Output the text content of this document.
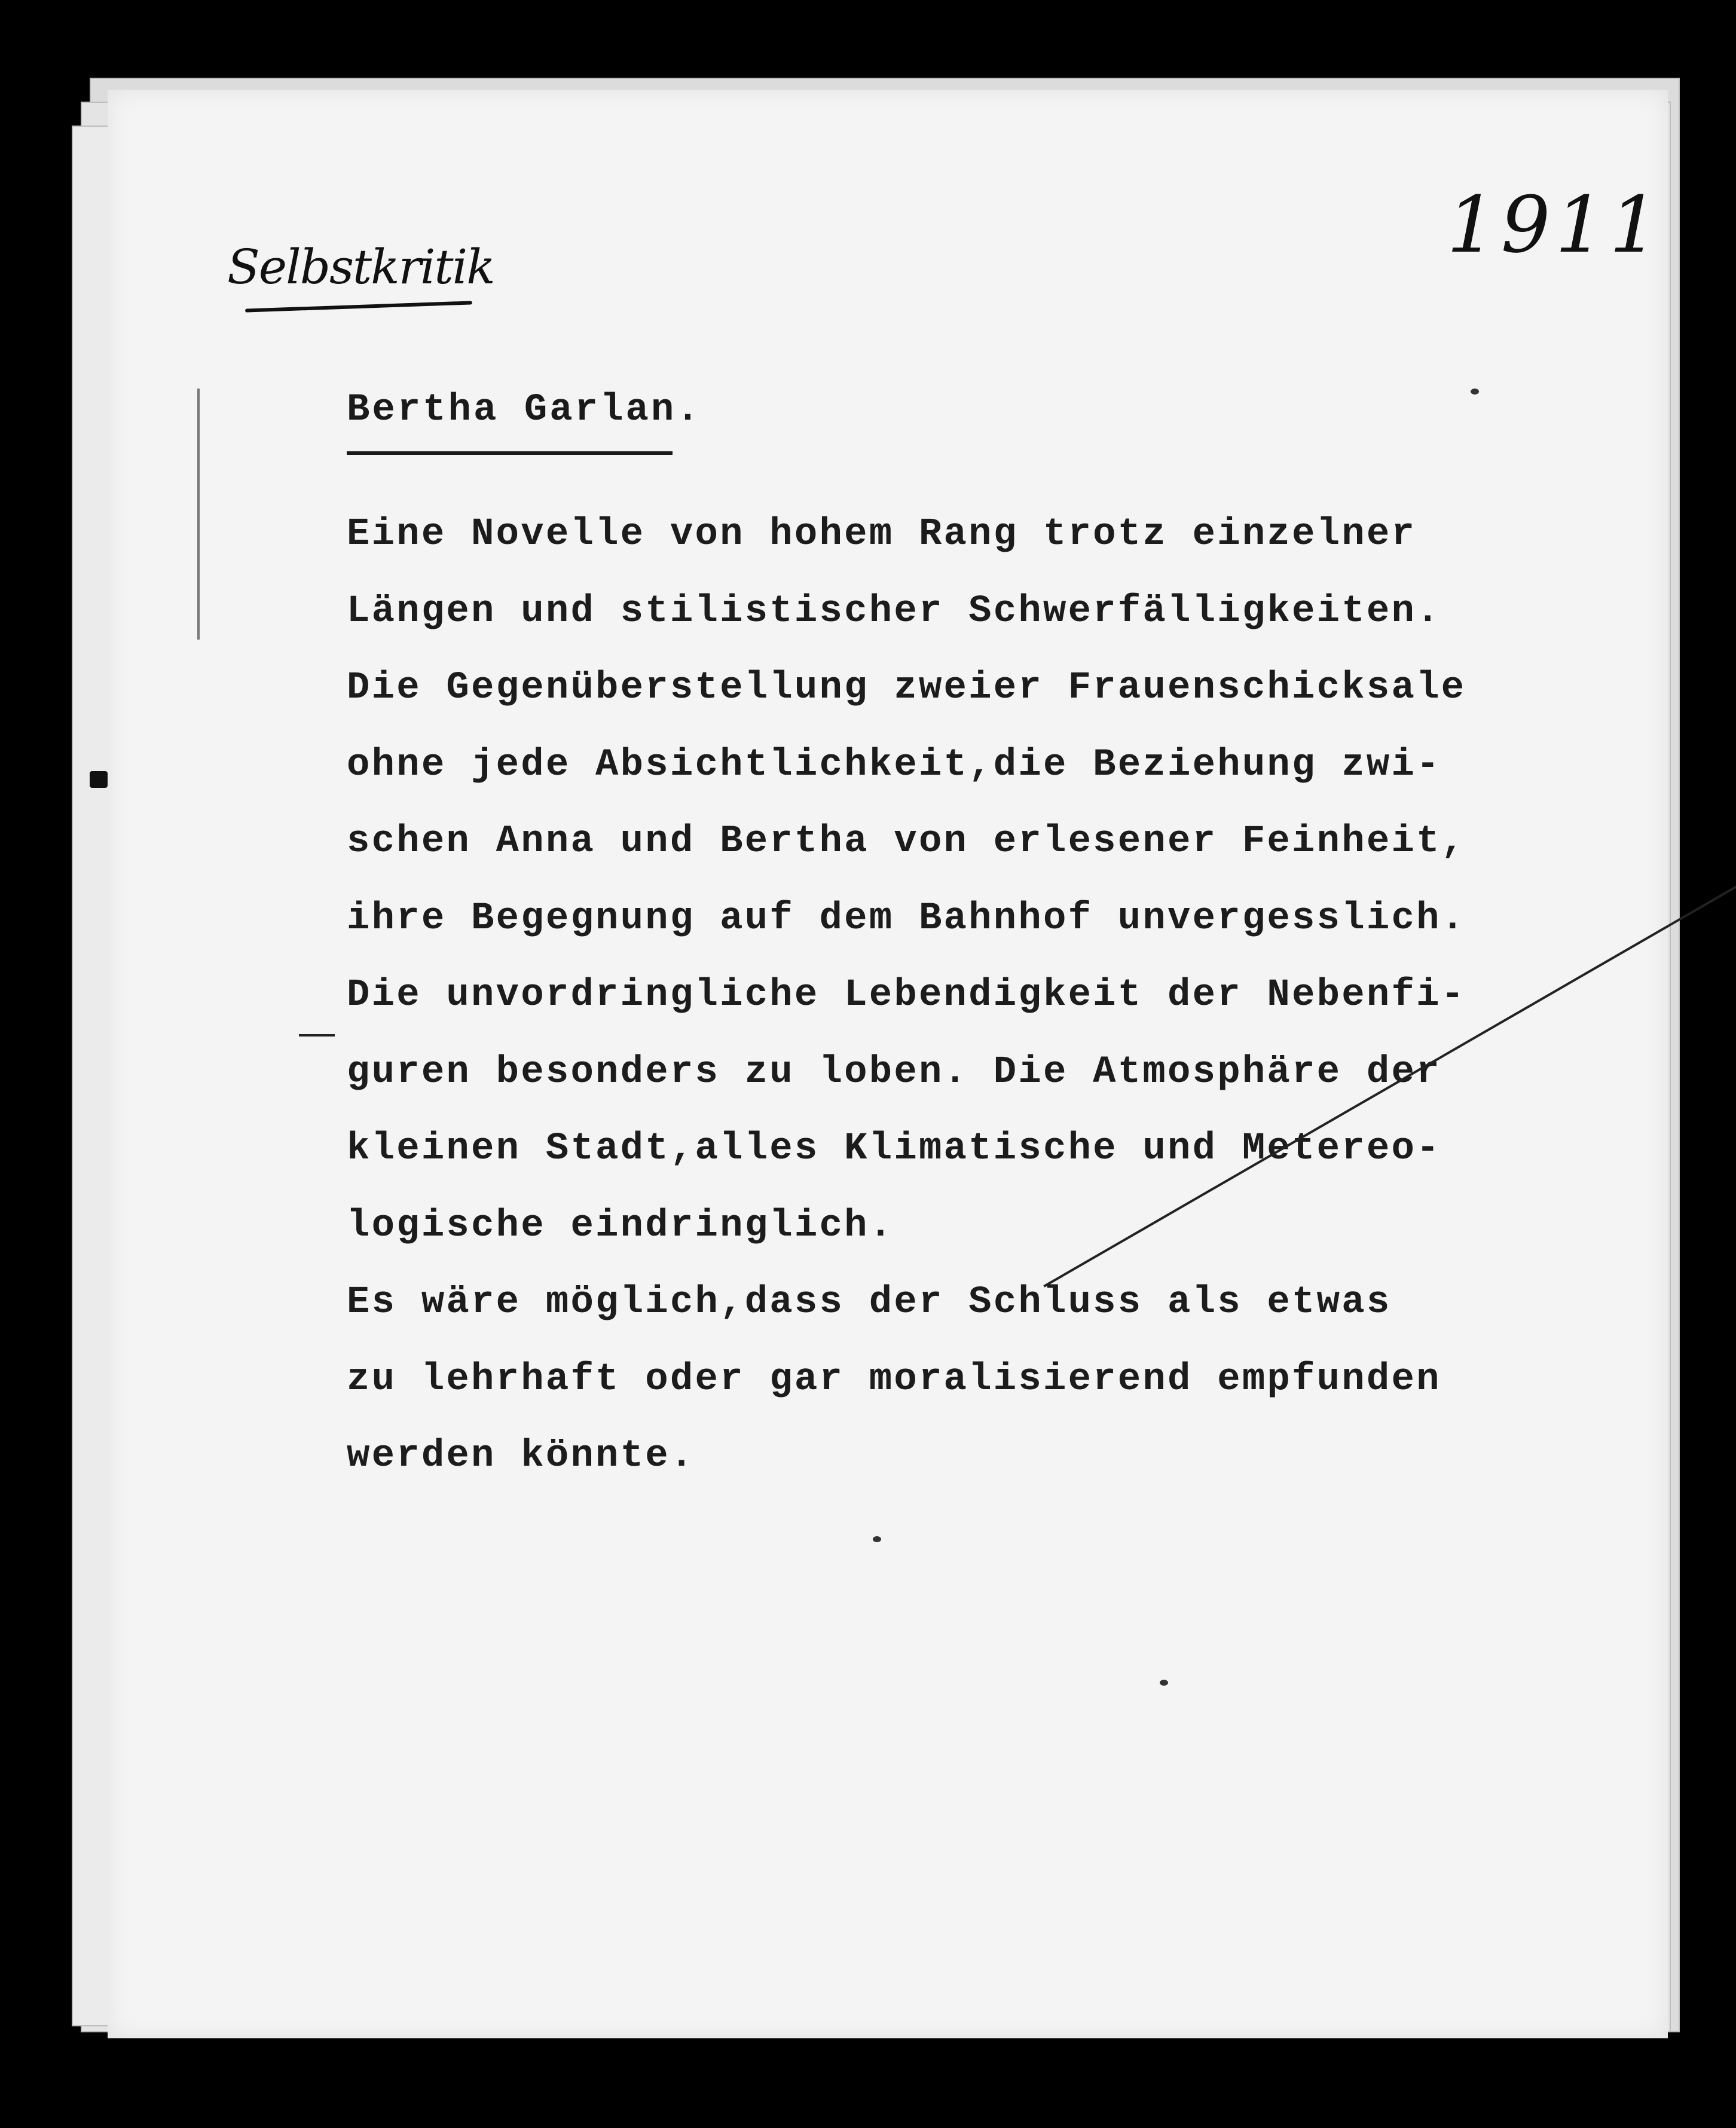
Selbstkritik	1911
Bertha Garlan.
Eine Novelle von hohem Rang trotz einzelner
Längen und stilistischer Schwerfälligkeiten.
Die Gegenüberstellung zweier Frauenschicksale
ohne jede Absichtlichkeit,die Beziehung zwi-
schen Anna und Bertha von erlesener Feinheit,
ihre Begegnung auf dem Bahnhof unvergesslich.
Die unvordringliche Lebendigkeit der Nebenfi-
guren besonders zu loben. Die Atmosphäre der
kleinen Stadt,alles Klimatische und Metereo-
logische eindringlich.
Es wäre möglich,dass der Schluss als etwas
zu lehrhaft oder gar moralisierend empfunden
werden könnte.
